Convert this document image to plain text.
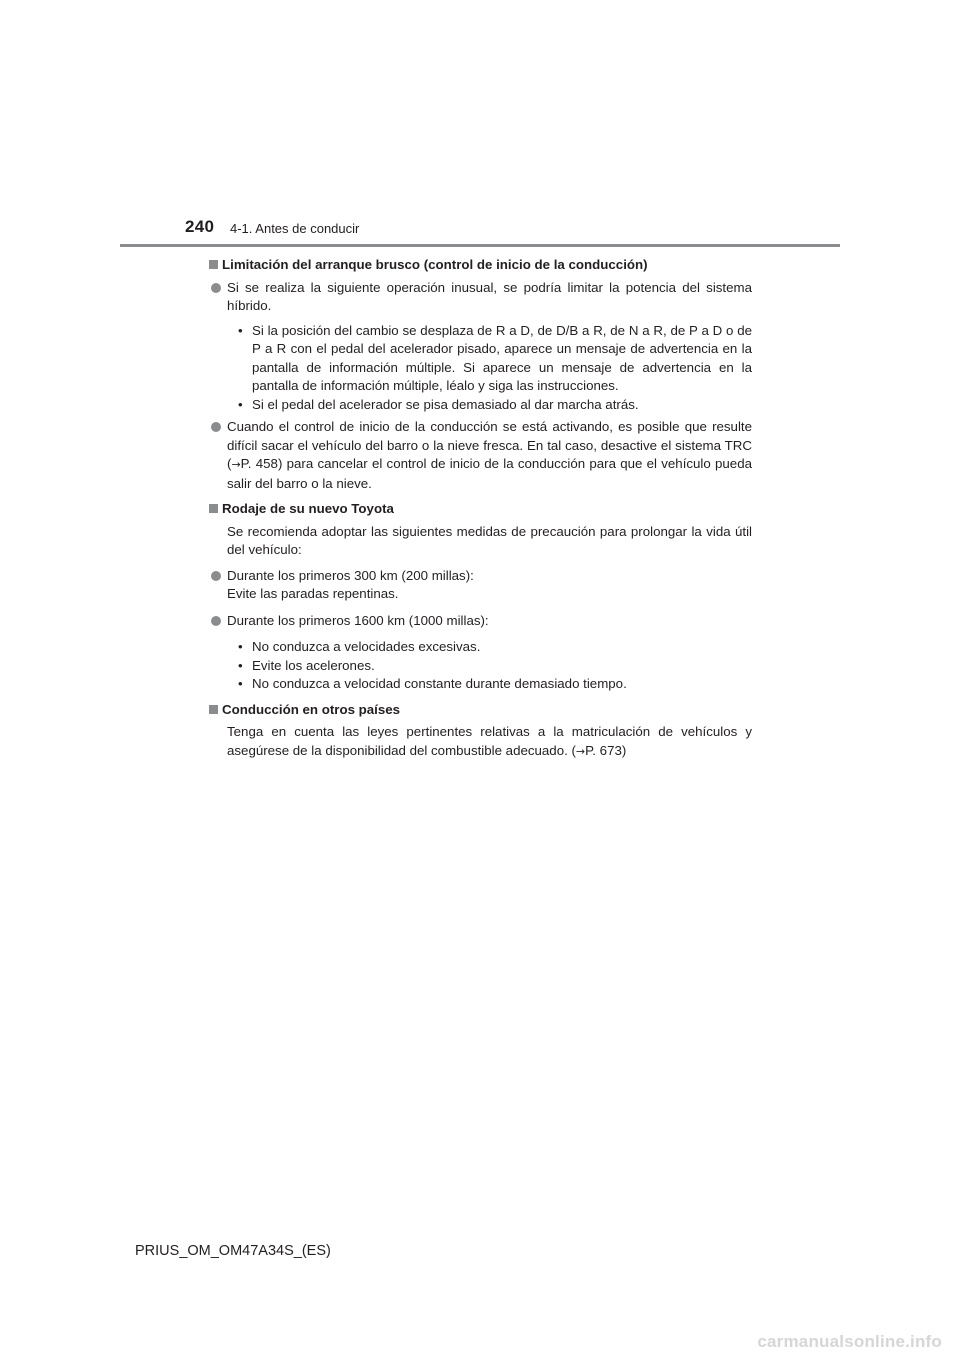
240 4-1. Antes de conducir
Limitación del arranque brusco (control de inicio de la conducción)
Si se realiza la siguiente operación inusual, se podría limitar la potencia del sistema híbrido.
• Si la posición del cambio se desplaza de R a D, de D/B a R, de N a R, de P a D o de P a R con el pedal del acelerador pisado, aparece un mensaje de advertencia en la pantalla de información múltiple. Si aparece un mensaje de advertencia en la pantalla de información múltiple, léalo y siga las instrucciones.
• Si el pedal del acelerador se pisa demasiado al dar marcha atrás.
Cuando el control de inicio de la conducción se está activando, es posible que resulte difícil sacar el vehículo del barro o la nieve fresca. En tal caso, desactive el sistema TRC (→P. 458) para cancelar el control de inicio de la conducción para que el vehículo pueda salir del barro o la nieve.
Rodaje de su nuevo Toyota
Se recomienda adoptar las siguientes medidas de precaución para prolongar la vida útil del vehículo:
Durante los primeros 300 km (200 millas):
Evite las paradas repentinas.
Durante los primeros 1600 km (1000 millas):
• No conduzca a velocidades excesivas.
• Evite los acelerones.
• No conduzca a velocidad constante durante demasiado tiempo.
Conducción en otros países
Tenga en cuenta las leyes pertinentes relativas a la matriculación de vehículos y asegúrese de la disponibilidad del combustible adecuado. (→P. 673)
PRIUS_OM_OM47A34S_(ES)
carmanualsonline.info
